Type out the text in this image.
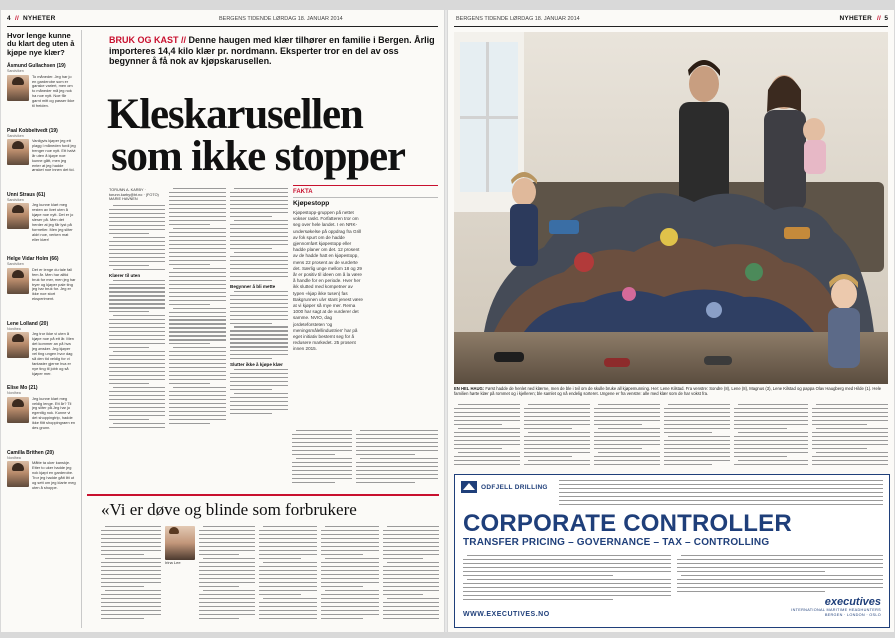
4 // NYHETER	BERGENS TIDENDE LØRDAG 18. JANUAR 2014
Hvor lenge kunne du klart deg uten å kjøpe nye klær?
Åsmund Gullachsen (19)
Sandviken
To måneder. Jeg har jo en garderobe som er ganske variert, men om to måneder må jeg nok ha noe nytt. Noe får garnt mitt og passer ikke til freiden.
Paal Kobbeltvedt (19)
Sandviken
Vanligvis kjøper jeg ett plagg i måneden fordi jeg trenger noe nytt. Ett halvt år uten å kjøpe noe kunne gått, men jeg enter at jeg hadde ønsket noe innen det tid.
Unni Straus (61)
Sandviken
Jeg kunne klart meg resten av livet uten å kjøpe noe nytt. Det er jo sleser på. Men det herder at jeg får lyst på forrnetler. Men jeg sliter aldri noe, verken mat eller klær!
Helge Vidar Holm (66)
Sandviken
Det er lenge du tale fall fem år. Men har alltid bruk for mer, men jeg har tryer og kjøper pale ting jeg har bruk for. Jeg er ikke noe stort eksperiment.
Lene Lolland (20)
Nordhea
Jeg tror ikke vi uten å kjøpe noe på ett år. Men det kommer an på hva jeg ønsker. Jeg kjøper vel ting ungen hvor dag så den tid veldig for vi fantaster gjerne hva er nye ting til jobb og så kjøper mer.
Elise Mo (21)
Nordhea
Jeg kunne klart meg veldig lenge. Ett år? Til jeg sliter på.Jeg har jo egentlig nok. Kunne vi det shoppingtrip, hadde ikke flitt shoppingraen en des grunn.
Camilla Brithen (20)
Nordhea
Måtte ta uker kanskje. Etter to uker hadde jeg nok kjøpt en garderobe. Tror jeg hadde gått litt ut og sett om jeg klarte meg uten å shoppe.
BRUK OG KAST // Denne haugen med klær tilhører en familie i Bergen. Årlig importeres 14,4 kilo klær pr. nordmann. Eksperter tror en del av oss begynner å få nok av kjøpskarusellen.
Kleskarusellen
som ikke stopper
TORUNN A. KARBY · torunn.karby@bt.no · (FOTO) MARIE HAVNEN
Klærer til uten
Begynner å bli mette
Slutter ikke å kjøpe klær
FAKTA
Kjøpestopp
Kjøpestopp-gruppen på nettet vokser raskt. Forfatteren tror om seg over hele landet. I en NRK-undersøkelse på oppdrag fra Grill av fok spurt om de hadde gjennomført kjøpestopp eller hadde planer om det. 12 prosent av de hadde hatt en kjøpestopp, mens 22 prosent av de vurderte det. Særlig unge mellom 18 og 29 år er positiv til ideen om å la være å handle for en periode. Hver her ikk slutted med kompetner av typen «kjøp ikke tusen) fas Bakgrunnen ulvr stant jenest være at vi kjøper så mye mer. Rema 1000 har sagt at de vurderer det samme. NVIO, dag jordeteforsteten 'og meningsmålellindustrien' har på eget initiativ bestemt seg for å redusere markedet. 25 prosent innen 2015.
«Vi er døve og blinde som forbrukere
Irina Lee
BERGENS TIDENDE LØRDAG 18. JANUAR 2014	NYHETER // 5
EN HEL HAUG: Først hadde de henlet ned klærne, men de ble i tvil om de skulle bruke all kjøpemunning. Her: Lene Kilstad. Fra venstre: Sondre (8), Lene (8), Magnus (3), Lene Kilstad og pappa Olav Haugberg med Hilde (1). Hele familien hørte klær på rommet og i kjelleren; ble samlet og nå endelig sorteret. Ungene er fra venstre: alle med klær som de har vokst fra.
ODFJELL DRILLING
CORPORATE CONTROLLER
TRANSFER PRICING – GOVERNANCE – TAX – CONTROLLING
WWW.EXECUTIVES.NO
executives
INTERNATIONAL MARITIME HEADHUNTERS
BERGEN · LONDON · OSLO
